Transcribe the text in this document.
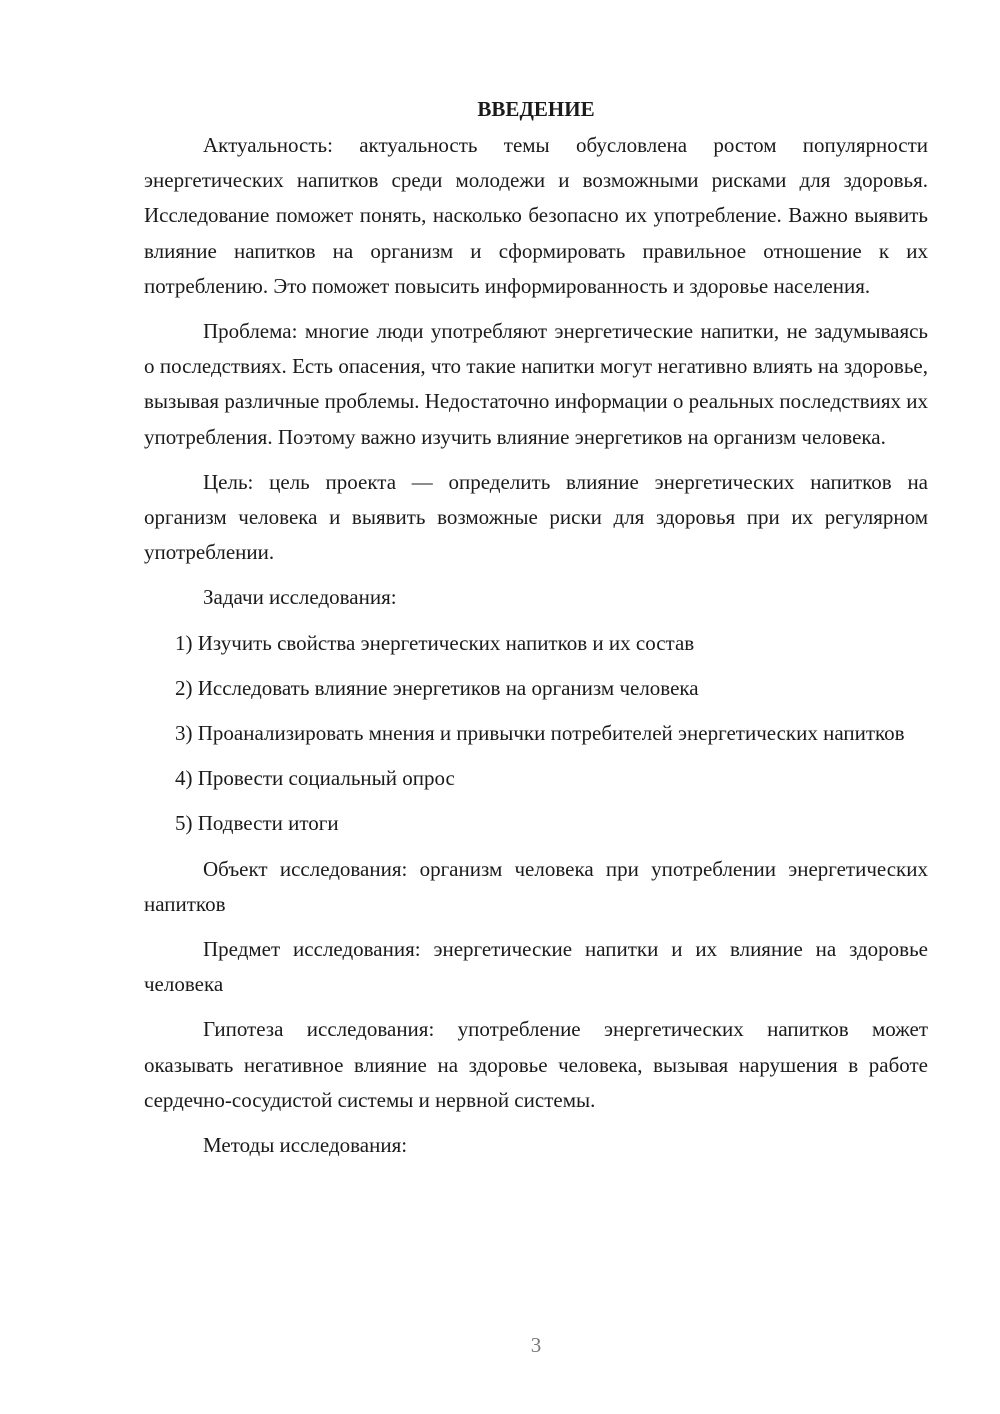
ВВЕДЕНИЕ

Актуальность: актуальность темы обусловлена ростом популярности энергетических напитков среди молодежи и возможными рисками для здоровья. Исследование поможет понять, насколько безопасно их употребление. Важно выявить влияние напитков на организм и сформировать правильное отношение к их потреблению. Это поможет повысить информированность и здоровье населения.

Проблема: многие люди употребляют энергетические напитки, не задумываясь о последствиях. Есть опасения, что такие напитки могут негативно влиять на здоровье, вызывая различные проблемы. Недостаточно информации о реальных последствиях их употребления. Поэтому важно изучить влияние энергетиков на организм человека.

Цель: цель проекта — определить влияние энергетических напитков на организм человека и выявить возможные риски для здоровья при их регулярном употреблении.

Задачи исследования:

1) Изучить свойства энергетических напитков и их состав

2) Исследовать влияние энергетиков на организм человека

3) Проанализировать мнения и привычки потребителей энергетических напитков

4) Провести социальный опрос

5) Подвести итоги

Объект исследования: организм человека при употреблении энергетических напитков

Предмет исследования: энергетические напитки и их влияние на здоровье человека

Гипотеза исследования: употребление энергетических напитков может оказывать негативное влияние на здоровье человека, вызывая нарушения в работе сердечно-сосудистой системы и нервной системы.

Методы исследования:

3
